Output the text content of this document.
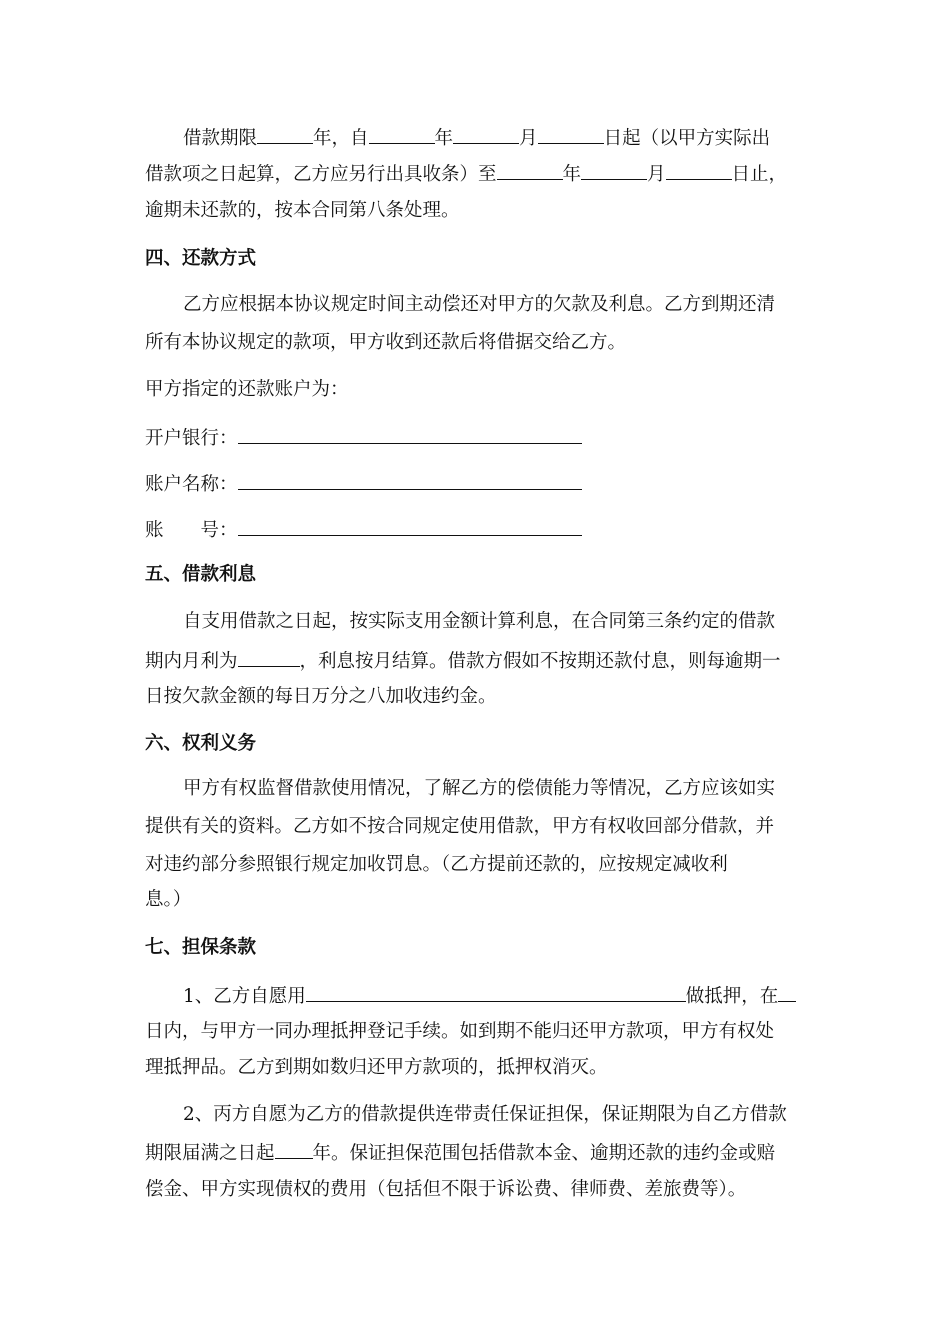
借款期限	年，自	年	月	日起（以甲方实际出
借款项之日起算，乙方应另行出具收条）至	年	月	日止，
逾期未还款的，按本合同第八条处理。
四、还款方式
乙方应根据本协议规定时间主动偿还对甲方的欠款及利息。乙方到期还清
所有本协议规定的款项，甲方收到还款后将借据交给乙方。
甲方指定的还款账户为：
开户银行：
账户名称：
账 号：
五、借款利息
自支用借款之日起，按实际支用金额计算利息，在合同第三条约定的借款
期内月利为	，利息按月结算。借款方假如不按期还款付息，则每逾期一
日按欠款金额的每日万分之八加收违约金。
六、权利义务
甲方有权监督借款使用情况，了解乙方的偿债能力等情况，乙方应该如实
提供有关的资料。乙方如不按合同规定使用借款，甲方有权收回部分借款，并
对违约部分参照银行规定加收罚息。（乙方提前还款的，应按规定减收利
息。）
七、担保条款
1、乙方自愿用	做抵押，在
日内，与甲方一同办理抵押登记手续。如到期不能归还甲方款项，甲方有权处
理抵押品。乙方到期如数归还甲方款项的，抵押权消灭。
2、丙方自愿为乙方的借款提供连带责任保证担保，保证期限为自乙方借款
期限届满之日起 年。保证担保范围包括借款本金、逾期还款的违约金或赔
偿金、甲方实现债权的费用（包括但不限于诉讼费、律师费、差旅费等）。
